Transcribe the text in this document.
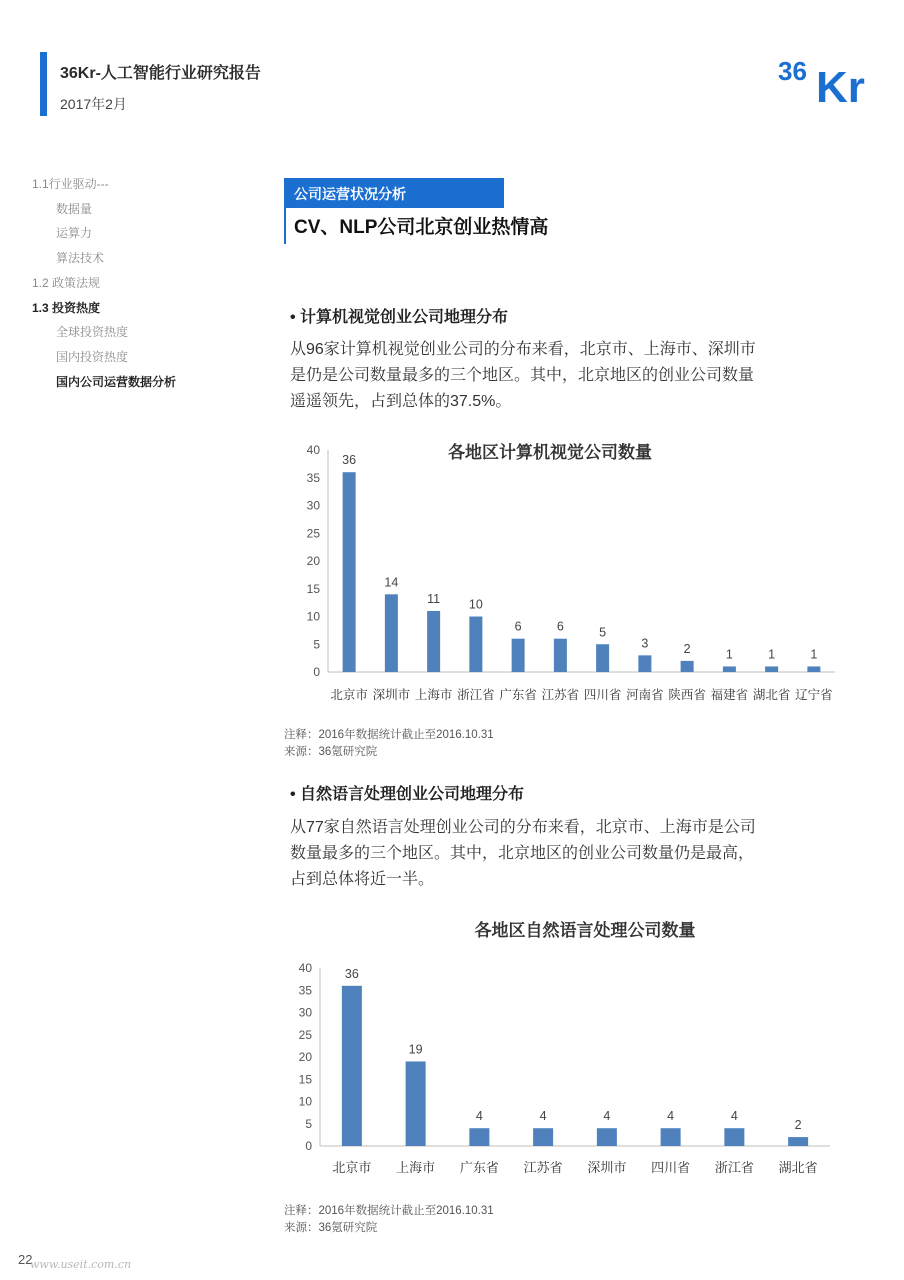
36Kr-人工智能行业研究报告
2017年2月
36 Kr
1.1行业驱动---
数据量
运算力
算法技术
1.2 政策法规
1.3 投资热度
全球投资热度
国内投资热度
国内公司运营数据分析
公司运营状况分析
CV、NLP公司北京创业热情高
• 计算机视觉创业公司地理分布
从96家计算机视觉创业公司的分布来看，北京市、上海市、深圳市
是仍是公司数量最多的三个地区。其中，北京地区的创业公司数量
遥遥领先，占到总体的37.5%。
各地区计算机视觉公司数量
0
5
10
15
20
25
30
35
40
36
北京市
14
深圳市
11
上海市
10
浙江省
6
广东省
6
江苏省
5
四川省
3
河南省
2
陕西省
1
福建省
1
湖北省
1
辽宁省
注释：2016年数据统计截止至2016.10.31
来源：36氪研究院
• 自然语言处理创业公司地理分布
从77家自然语言处理创业公司的分布来看，北京市、上海市是公司
数量最多的三个地区。其中，北京地区的创业公司数量仍是最高，
占到总体将近一半。
各地区自然语言处理公司数量
0
5
10
15
20
25
30
35
40	36
北京市
19
上海市
4
广东省
4
江苏省
4
深圳市
4
四川省
4
浙江省
2
湖北省
注释：2016年数据统计截止至2016.10.31
来源：36氪研究院
22
www.useit.com.cn
